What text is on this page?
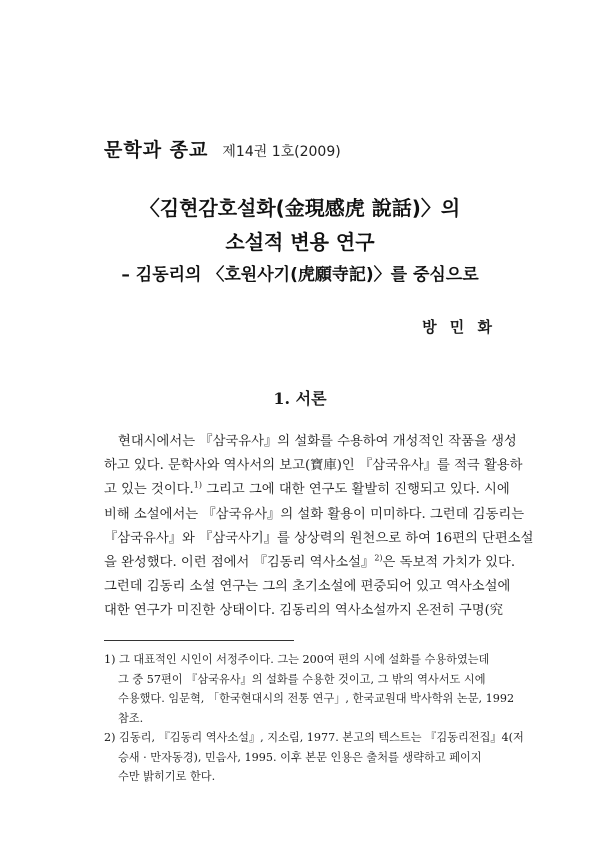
문학과 종교 제14권 1호(2009)

〈김현감호설화(金現感虎 說話)〉의

소설적 변용 연구

– 김동리의 〈호원사기(虎願寺記)〉를 중심으로

방 민 화
1. 서론
현대시에서는 『삼국유사』의 설화를 수용하여 개성적인 작품을 생성
하고 있다. 문학사와 역사서의 보고(寶庫)인 『삼국유사』를 적극 활용하
고 있는 것이다.$^{1)}$ 그리고 그에 대한 연구도 활발히 진행되고 있다. 시에
비해 소설에서는 『삼국유사』의 설화 활용이 미미하다. 그런데 김동리는
『삼국유사』와 『삼국사기』를 상상력의 원천으로 하여 16편의 단편소설
을 완성했다. 이런 점에서 『김동리 역사소설』$^{2)}$은 독보적 가치가 있다.
그런데 김동리 소설 연구는 그의 초기소설에 편중되어 있고 역사소설에
대한 연구가 미진한 상태이다. 김동리의 역사소설까지 온전히 구명(究
1) 그 대표적인 시인이 서정주이다. 그는 200여 편의 시에 설화를 수용하였는데
그 중 57편이 『삼국유사』의 설화를 수용한 것이고, 그 밖의 역사서도 시에
수용했다. 임문혁, 「한국현대시의 전통 연구」, 한국교원대 박사학위 논문, 1992
참조.
2) 김동리, 『김동리 역사소설』, 지소림, 1977. 본고의 텍스트는 『김동리전집』4(저
승새 · 만자동경), 민음사, 1995. 이후 본문 인용은 출처를 생략하고 페이지
수만 밝히기로 한다.
